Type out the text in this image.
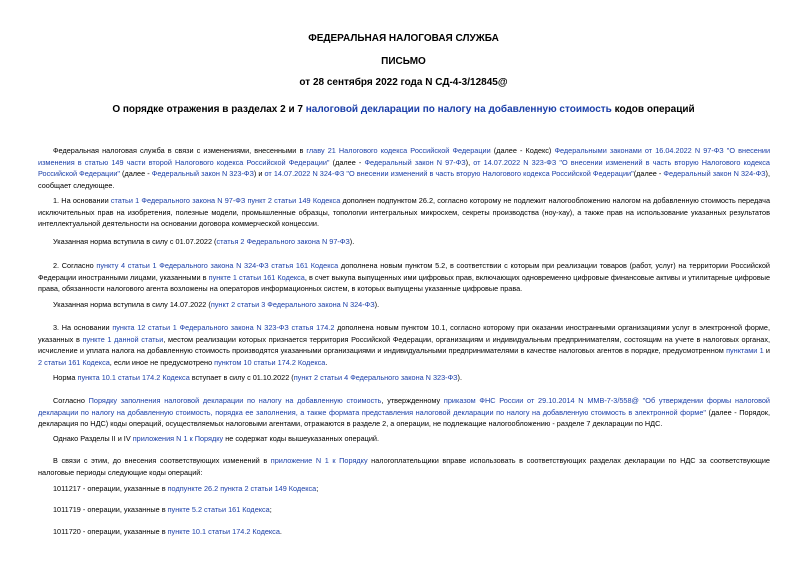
ФЕДЕРАЛЬНАЯ НАЛОГОВАЯ СЛУЖБА
ПИСЬМО
от 28 сентября 2022 года N СД-4-3/12845@
О порядке отражения в разделах 2 и 7 налоговой декларации по налогу на добавленную стоимость кодов операций
Федеральная налоговая служба в связи с изменениями, внесенными в главу 21 Налогового кодекса Российской Федерации (далее - Кодекс) Федеральными законами от 16.04.2022 N 97-ФЗ "О внесении изменения в статью 149 части второй Налогового кодекса Российской Федерации" (далее - Федеральный закон N 97-ФЗ), от 14.07.2022 N 323-ФЗ "О внесении изменений в часть вторую Налогового кодекса Российской Федерации" (далее - Федеральный закон N 323-ФЗ) и от 14.07.2022 N 324-ФЗ "О внесении изменений в часть вторую Налогового кодекса Российской Федерации"(далее - Федеральный закон N 324-ФЗ), сообщает следующее.
1. На основании статьи 1 Федерального закона N 97-ФЗ пункт 2 статьи 149 Кодекса дополнен подпунктом 26.2, согласно которому не подлежит налогообложению налогом на добавленную стоимость передача исключительных прав на изобретения, полезные модели, промышленные образцы, топологии интегральных микросхем, секреты производства (ноу-хау), а также прав на использование указанных результатов интеллектуальной деятельности на основании договора коммерческой концессии.
Указанная норма вступила в силу с 01.07.2022 (статья 2 Федерального закона N 97-ФЗ).
2. Согласно пункту 4 статьи 1 Федерального закона N 324-ФЗ статья 161 Кодекса дополнена новым пунктом 5.2, в соответствии с которым при реализации товаров (работ, услуг) на территории Российской Федерации иностранными лицами, указанными в пункте 1 статьи 161 Кодекса, в счет выкупа выпущенных ими цифровых прав, включающих одновременно цифровые финансовые активы и утилитарные цифровые права, обязанности налогового агента возложены на операторов информационных систем, в которых выпущены указанные цифровые права.
Указанная норма вступила в силу 14.07.2022 (пункт 2 статьи 3 Федерального закона N 324-ФЗ).
3. На основании пункта 12 статьи 1 Федерального закона N 323-ФЗ статья 174.2 дополнена новым пунктом 10.1, согласно которому при оказании иностранными организациями услуг в электронной форме, указанных в пункте 1 данной статьи, местом реализации которых признается территория Российской Федерации, организациям и индивидуальным предпринимателям, состоящим на учете в налоговых органах, исчисление и уплата налога на добавленную стоимость производятся указанными организациями и индивидуальными предпринимателями в качестве налоговых агентов в порядке, предусмотренном пунктами 1 и 2 статьи 161 Кодекса, если иное не предусмотрено пунктом 10 статьи 174.2 Кодекса.
Норма пункта 10.1 статьи 174.2 Кодекса вступает в силу с 01.10.2022 (пункт 2 статьи 4 Федерального закона N 323-ФЗ).
Согласно Порядку заполнения налоговой декларации по налогу на добавленную стоимость, утвержденному приказом ФНС России от 29.10.2014 N ММВ-7-3/558@ "Об утверждении формы налоговой декларации по налогу на добавленную стоимость, порядка ее заполнения, а также формата представления налоговой декларации по налогу на добавленную стоимость в электронной форме" (далее - Порядок, декларация по НДС) коды операций, осуществляемых налоговыми агентами, отражаются в разделе 2, а операции, не подлежащие налогообложению - разделе 7 декларации по НДС.
Однако Разделы II и IV приложения N 1 к Порядку не содержат коды вышеуказанных операций.
В связи с этим, до внесения соответствующих изменений в приложение N 1 к Порядку налогоплательщики вправе использовать в соответствующих разделах декларации по НДС за соответствующие налоговые периоды следующие коды операций:
1011217 - операции, указанные в подпункте 26.2 пункта 2 статьи 149 Кодекса;
1011719 - операции, указанные в пункте 5.2 статьи 161 Кодекса;
1011720 - операции, указанные в пункте 10.1 статьи 174.2 Кодекса.
